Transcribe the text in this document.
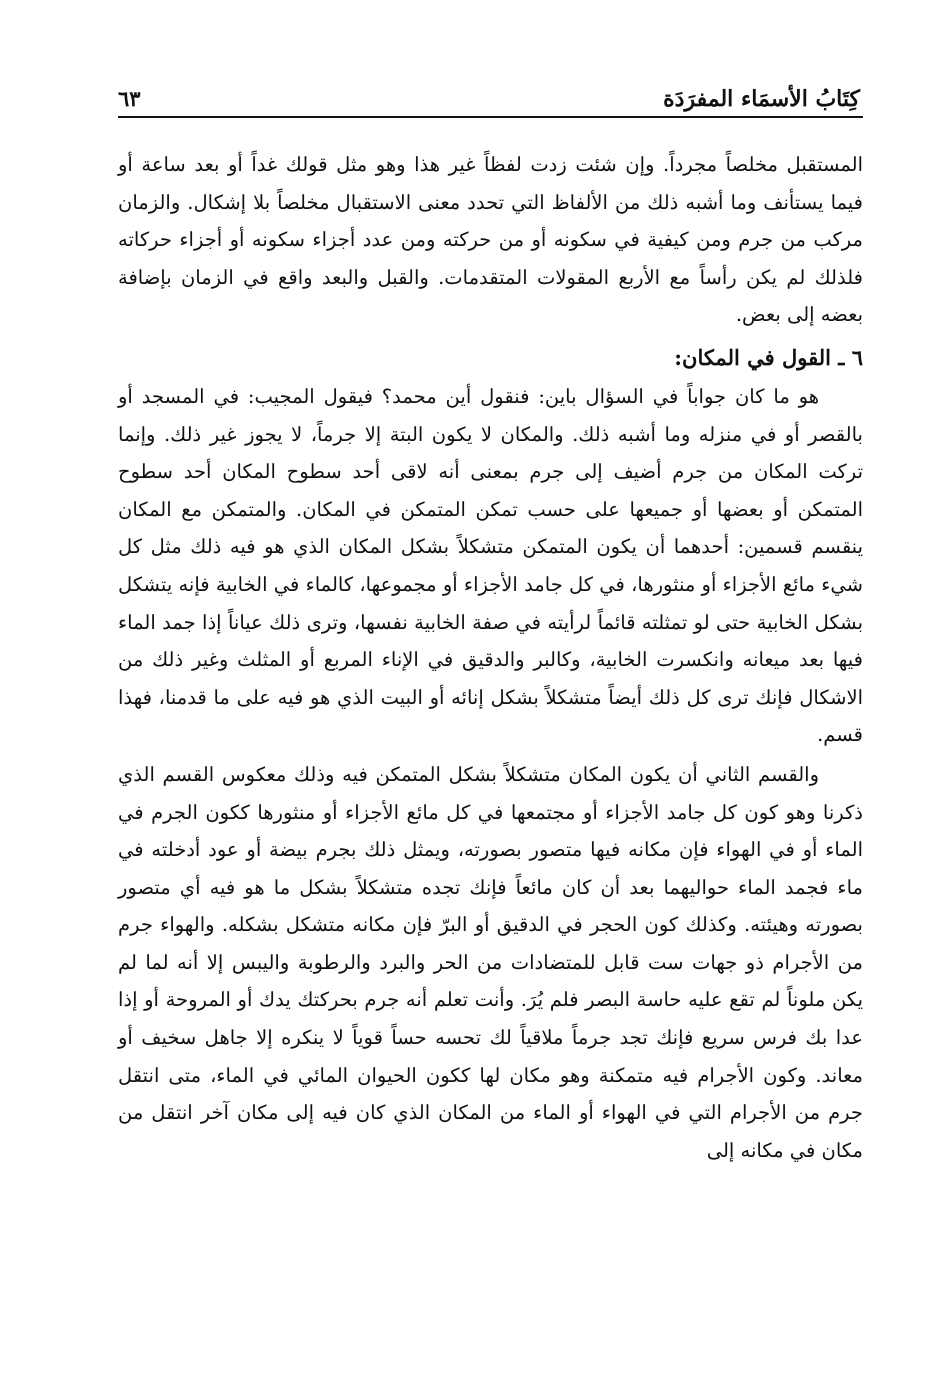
كِتَابُ الأسمَاء المفرَدَة
٦٣

المستقبل مخلصاً مجرداً. وإن شئت زدت لفظاً غير هذا وهو مثل قولك غداً أو بعد ساعة أو فيما يستأنف وما أشبه ذلك من الألفاظ التي تحدد معنى الاستقبال مخلصاً بلا إشكال. والزمان مركب من جرم ومن كيفية في سكونه أو من حركته ومن عدد أجزاء سكونه أو أجزاء حركاته فلذلك لم يكن رأساً مع الأربع المقولات المتقدمات. والقبل والبعد واقع في الزمان بإضافة بعضه إلى بعض.

٦ ـ القول في المكان:

هو ما كان جواباً في السؤال باين: فنقول أين محمد؟ فيقول المجيب: في المسجد أو بالقصر أو في منزله وما أشبه ذلك. والمكان لا يكون البتة إلا جرماً، لا يجوز غير ذلك. وإنما تركت المكان من جرم أضيف إلى جرم بمعنى أنه لاقى أحد سطوح المكان أحد سطوح المتمكن أو بعضها أو جميعها على حسب تمكن المتمكن في المكان. والمتمكن مع المكان ينقسم قسمين: أحدهما أن يكون المتمكن متشكلاً بشكل المكان الذي هو فيه ذلك مثل كل شيء مائع الأجزاء أو منثورها، في كل جامد الأجزاء أو مجموعها، كالماء في الخابية فإنه يتشكل بشكل الخابية حتى لو تمثلته قائماً لرأيته في صفة الخابية نفسها، وترى ذلك عياناً إذا جمد الماء فيها بعد ميعانه وانكسرت الخابية، وكالبر والدقيق في الإناء المربع أو المثلث وغير ذلك من الاشكال فإنك ترى كل ذلك أيضاً متشكلاً بشكل إنائه أو البيت الذي هو فيه على ما قدمنا، فهذا قسم.

والقسم الثاني أن يكون المكان متشكلاً بشكل المتمكن فيه وذلك معكوس القسم الذي ذكرنا وهو كون كل جامد الأجزاء أو مجتمعها في كل مائع الأجزاء أو منثورها ككون الجرم في الماء أو في الهواء فإن مكانه فيها متصور بصورته، ويمثل ذلك بجرم بيضة أو عود أدخلته في ماء فجمد الماء حواليهما بعد أن كان مائعاً فإنك تجده متشكلاً بشكل ما هو فيه أي متصور بصورته وهيئته. وكذلك كون الحجر في الدقيق أو البرّ فإن مكانه متشكل بشكله. والهواء جرم من الأجرام ذو جهات ست قابل للمتضادات من الحر والبرد والرطوبة واليبس إلا أنه لما لم يكن ملوناً لم تقع عليه حاسة البصر فلم يُرَ. وأنت تعلم أنه جرم بحركتك يدك أو المروحة أو إذا عدا بك فرس سريع فإنك تجد جرماً ملاقياً لك تحسه حساً قوياً لا ينكره إلا جاهل سخيف أو معاند. وكون الأجرام فيه متمكنة وهو مكان لها ككون الحيوان المائي في الماء، متى انتقل جرم من الأجرام التي في الهواء أو الماء من المكان الذي كان فيه إلى مكان آخر انتقل من مكان في مكانه إلى
